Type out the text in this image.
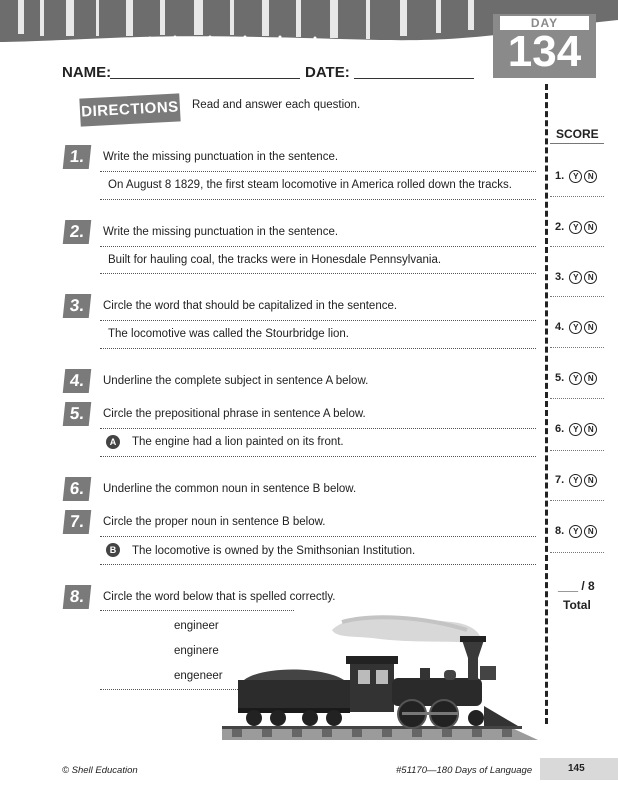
DAY
134
NAME:	DATE:
DIRECTIONS Read and answer each question.
SCORE
1. Y N
2. Y N
3. Y N
4. Y N
5. Y N
6. Y N
7. Y N
8. Y N
___ / 8
Total
1.	Write the missing punctuation in the sentence.
On August 8 1829, the first steam locomotive in America rolled down the tracks.
2.	Write the missing punctuation in the sentence.
Built for hauling coal, the tracks were in Honesdale Pennsylvania.
3.	Circle the word that should be capitalized in the sentence.
The locomotive was called the Stourbridge lion.
4.	Underline the complete subject in sentence A below.
5.	Circle the prepositional phrase in sentence A below.
A	The engine had a lion painted on its front.
6.	Underline the common noun in sentence B below.
7.	Circle the proper noun in sentence B below.
B	The locomotive is owned by the Smithsonian Institution.
8.	Circle the word below that is spelled correctly.
engineer
enginere
engeneer
© Shell Education	#51170—180 Days of Language	145
